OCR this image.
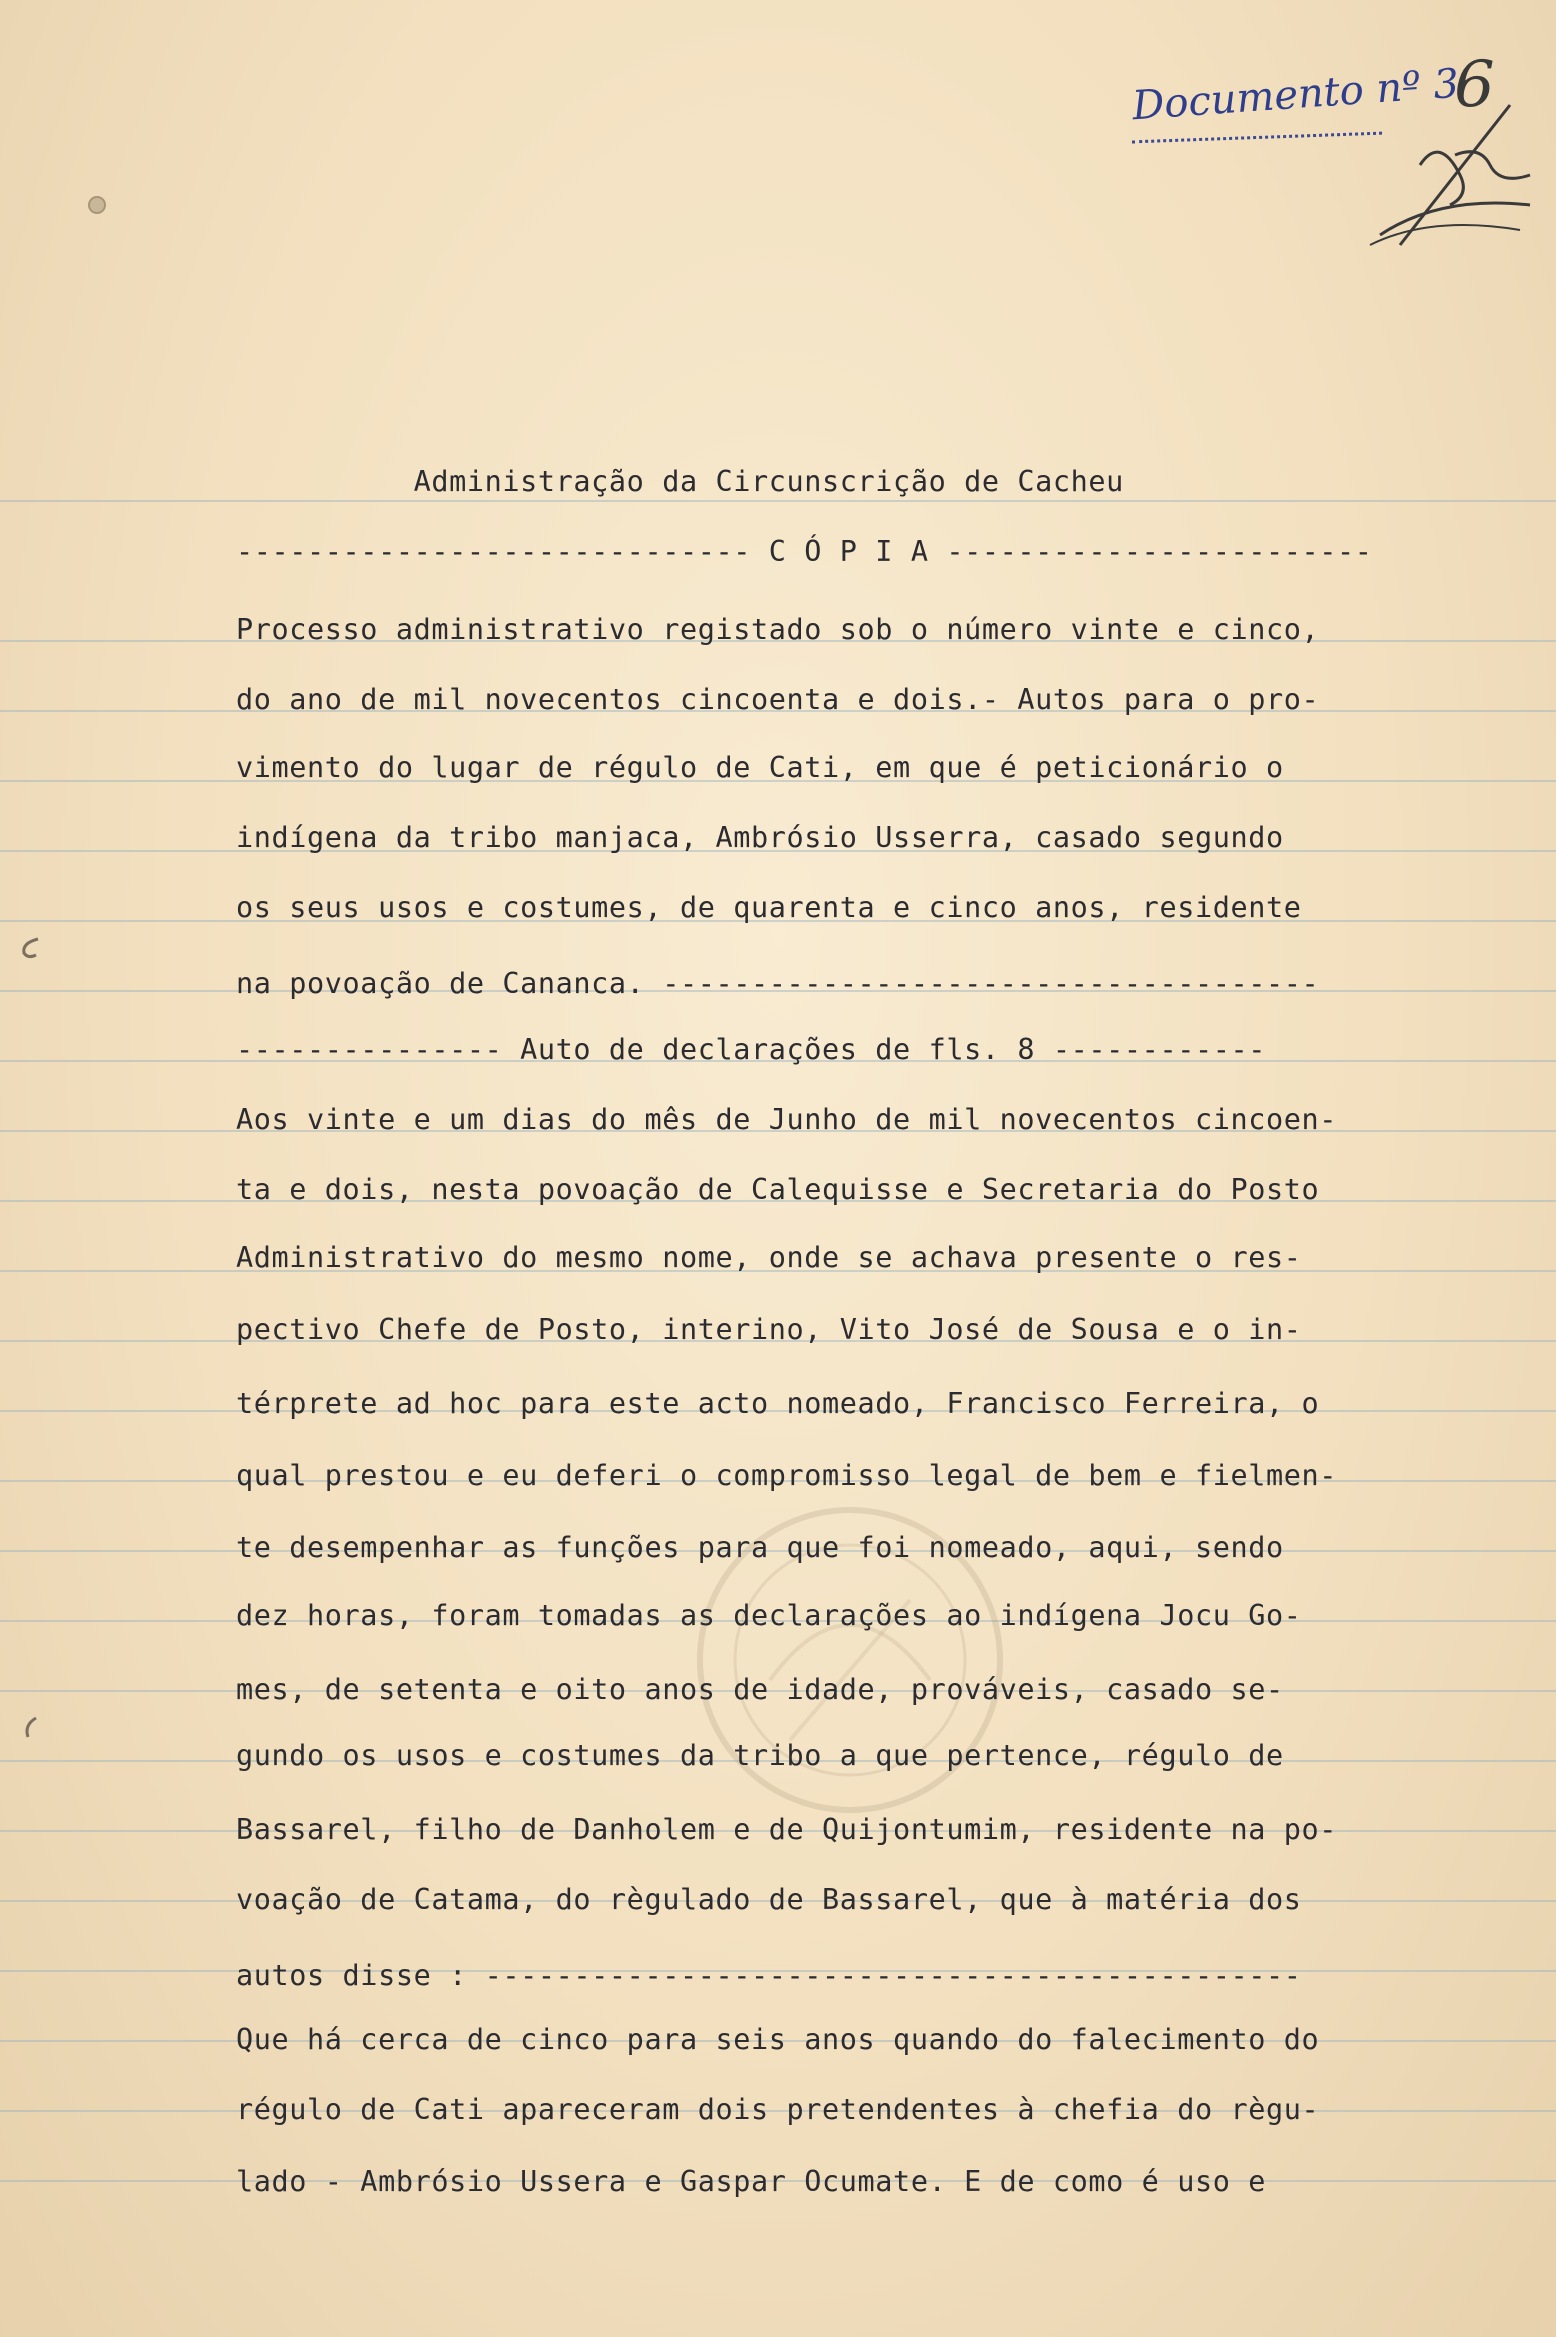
Documento nº 3
6
Administração da Circunscrição de Cacheu
----------------------------- C Ó P I A ------------------------
Processo administrativo registado sob o número vinte e cinco,
do ano de mil novecentos cincoenta e dois.- Autos para o pro-
vimento do lugar de régulo de Cati, em que é peticionário o
indígena da tribo manjaca, Ambrósio Usserra, casado segundo
os seus usos e costumes, de quarenta e cinco anos, residente
na povoação de Cananca. -------------------------------------
--------------- Auto de declarações de fls. 8 ------------
Aos vinte e um dias do mês de Junho de mil novecentos cincoen-
ta e dois, nesta povoação de Calequisse e Secretaria do Posto
Administrativo do mesmo nome, onde se achava presente o res-
pectivo Chefe de Posto, interino, Vito José de Sousa e o in-
térprete ad hoc para este acto nomeado, Francisco Ferreira, o
qual prestou e eu deferi o compromisso legal de bem e fielmen-
te desempenhar as funções para que foi nomeado, aqui, sendo
dez horas, foram tomadas as declarações ao indígena Jocu Go-
mes, de setenta e oito anos de idade, prováveis, casado se-
gundo os usos e costumes da tribo a que pertence, régulo de
Bassarel, filho de Danholem e de Quijontumim, residente na po-
voação de Catama, do règulado de Bassarel, que à matéria dos
autos disse : ----------------------------------------------
Que há cerca de cinco para seis anos quando do falecimento do
régulo de Cati apareceram dois pretendentes à chefia do règu-
lado - Ambrósio Ussera e Gaspar Ocumate. E de como é uso e
